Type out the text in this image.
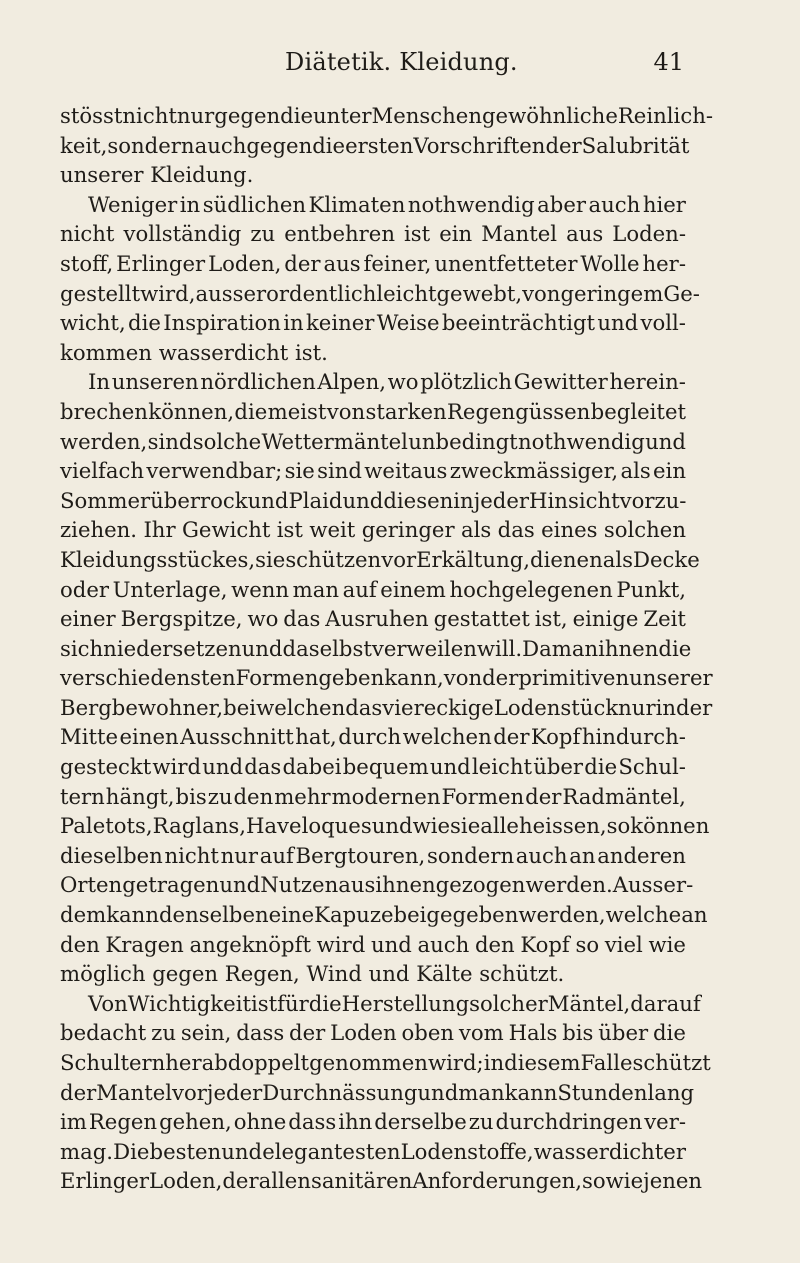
Diätetik. Kleidung.	41
stösst nicht nur gegen die unter Menschen gewöhnliche Reinlich-
keit, sondern auch gegen die ersten Vorschriften der Salubrität
unserer Kleidung.
Weniger in südlichen Klimaten nothwendig aber auch hier
nicht vollständig zu entbehren ist ein Mantel aus Loden-
stoff, Erlinger Loden, der aus feiner, unentfetteter Wolle her-
gestellt wird, ausserordentlich leicht gewebt, von geringem Ge-
wicht, die Inspiration in keiner Weise beeinträchtigt und voll-
kommen wasserdicht ist.
In unseren nördlichen Alpen, wo plötzlich Gewitter herein-
brechen können, die meist von starken Regengüssen begleitet
werden, sind solche Wettermäntel unbedingt nothwendig und
vielfach verwendbar; sie sind weitaus zweckmässiger, als ein
Sommerüberrock und Plaid und diesen in jeder Hinsicht vorzu-
ziehen. Ihr Gewicht ist weit geringer als das eines solchen
Kleidungsstückes, sie schützen vor Erkältung, dienen als Decke
oder Unterlage, wenn man auf einem hochgelegenen Punkt,
einer Bergspitze, wo das Ausruhen gestattet ist, einige Zeit
sich niedersetzen und daselbst verweilen will. Da man ihnen die
verschiedensten Formen geben kann, von der primitiven unserer
Bergbewohner, bei welchen das viereckige Lodenstück nur in der
Mitte einen Ausschnitt hat, durch welchen der Kopf hindurch-
gesteckt wird und das dabei bequem und leicht über die Schul-
tern hängt, bis zu den mehr modernen Formen der Radmäntel,
Paletots, Raglans, Haveloques und wie sie alle heissen, so können
dieselben nicht nur auf Bergtouren, sondern auch an anderen
Orten getragen und Nutzen aus ihnen gezogen werden. Ausser-
dem kann denselben eine Kapuze beigegeben werden, welche an
den Kragen angeknöpft wird und auch den Kopf so viel wie
möglich gegen Regen, Wind und Kälte schützt.
Von Wichtigkeit ist für die Herstellung solcher Mäntel, darauf
bedacht zu sein, dass der Loden oben vom Hals bis über die
Schultern herab doppelt genommen wird; in diesem Falle schützt
der Mantel vor jeder Durchnässung und man kann Stunden lang
im Regen gehen, ohne dass ihn derselbe zu durchdringen ver-
mag. Die besten und elegantesten Lodenstoffe, wasserdichter
Erlinger Loden, der allen sanitären Anforderungen, sowie jenen
